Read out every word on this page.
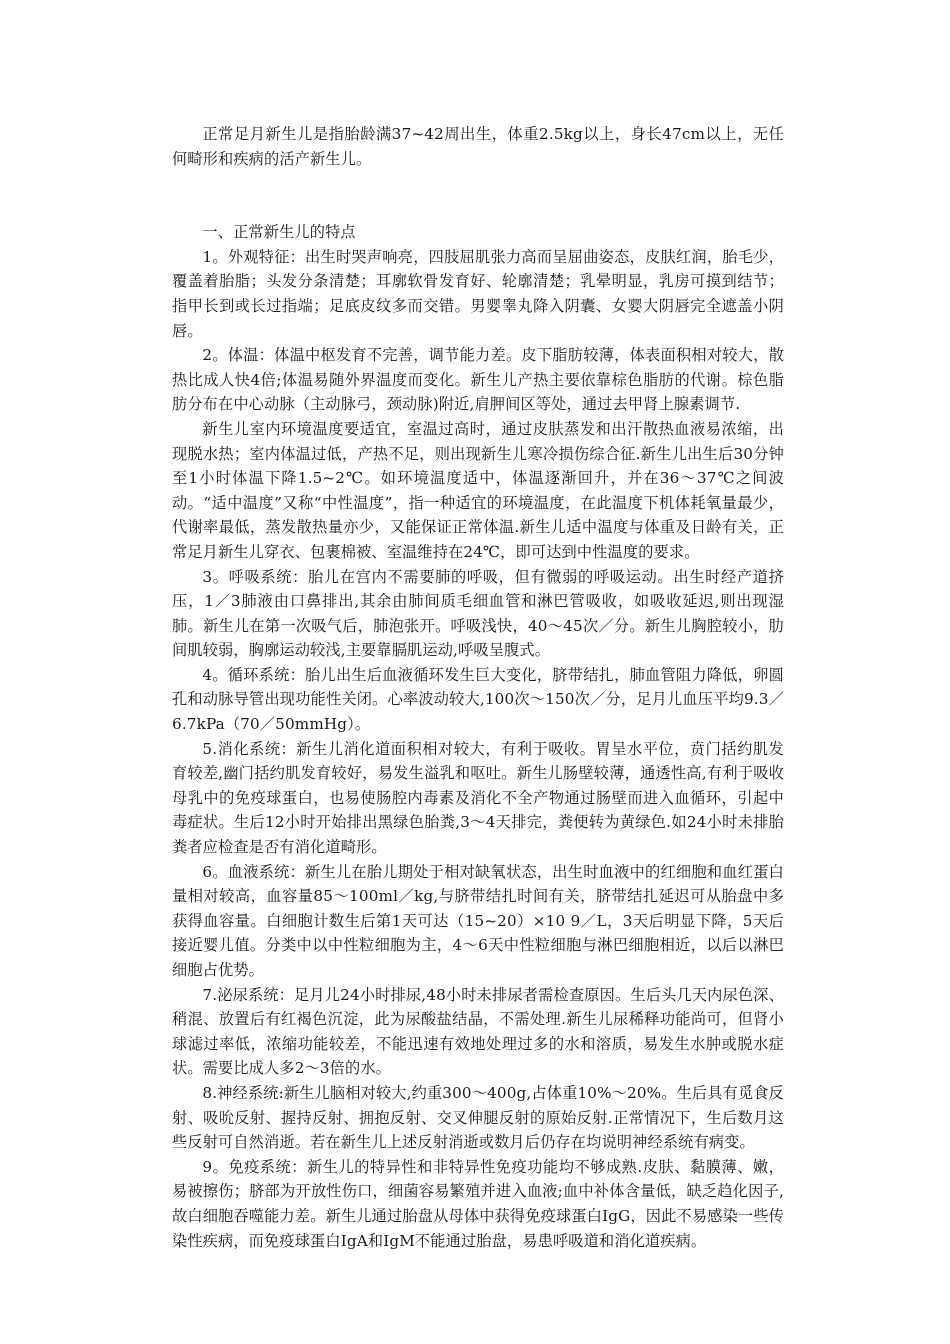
正常足月新生儿是指胎龄满37~42周出生，体重2.5kg以上，身长47cm以上，无任何畸形和疾病的活产新生儿。

一、正常新生儿的特点

1。外观特征：出生时哭声响亮，四肢屈肌张力高而呈屈曲姿态，皮肤红润，胎毛少，覆盖着胎脂；头发分条清楚；耳廓软骨发育好、轮廓清楚；乳晕明显，乳房可摸到结节；指甲长到或长过指端；足底皮纹多而交错。男婴睾丸降入阴囊、女婴大阴唇完全遮盖小阴唇。

2。体温：体温中枢发育不完善，调节能力差。皮下脂肪较薄，体表面积相对较大，散热比成人快4倍;体温易随外界温度而变化。新生儿产热主要依靠棕色脂肪的代谢。棕色脂肪分布在中心动脉（主动脉弓，颈动脉)附近,肩胛间区等处，通过去甲肾上腺素调节.

新生儿室内环境温度要适宜，室温过高时，通过皮肤蒸发和出汗散热血液易浓缩，出现脱水热；室内体温过低，产热不足，则出现新生儿寒冷损伤综合征.新生儿出生后30分钟至1小时体温下降1.5~2℃。如环境温度适中，体温逐渐回升，并在36～37℃之间波动。“适中温度”又称“中性温度”，指一种适宜的环境温度，在此温度下机体耗氧量最少，代谢率最低，蒸发散热量亦少，又能保证正常体温.新生儿适中温度与体重及日龄有关，正常足月新生儿穿衣、包裹棉被、室温维持在24℃，即可达到中性温度的要求。

3。呼吸系统：胎儿在宫内不需要肺的呼吸，但有微弱的呼吸运动。出生时经产道挤压，1／3肺液由口鼻排出,其余由肺间质毛细血管和淋巴管吸收，如吸收延迟,则出现湿肺。新生儿在第一次吸气后，肺泡张开。呼吸浅快，40～45次／分。新生儿胸腔较小，肋间肌较弱，胸廓运动较浅,主要靠膈肌运动,呼吸呈腹式。

4。循环系统：胎儿出生后血液循环发生巨大变化，脐带结扎，肺血管阻力降低，卵圆孔和动脉导管出现功能性关闭。心率波动较大,100次～150次／分，足月儿血压平均9.3／6.7kPa（70／50mmHg）。

5.消化系统：新生儿消化道面积相对较大，有利于吸收。胃呈水平位，贲门括约肌发育较差,幽门括约肌发育较好，易发生溢乳和呕吐。新生儿肠壁较薄，通透性高,有利于吸收母乳中的免疫球蛋白，也易使肠腔内毒素及消化不全产物通过肠壁而进入血循环，引起中毒症状。生后12小时开始排出黑绿色胎粪,3～4天排完，粪便转为黄绿色.如24小时未排胎粪者应检查是否有消化道畸形。

6。血液系统：新生儿在胎儿期处于相对缺氧状态，出生时血液中的红细胞和血红蛋白量相对较高，血容量85～100ml／kg,与脐带结扎时间有关，脐带结扎延迟可从胎盘中多获得血容量。白细胞计数生后第1天可达（15~20）×10 9／L，3天后明显下降，5天后接近婴儿值。分类中以中性粒细胞为主，4～6天中性粒细胞与淋巴细胞相近，以后以淋巴细胞占优势。

7.泌尿系统：足月儿24小时排尿,48小时未排尿者需检查原因。生后头几天内尿色深、稍混、放置后有红褐色沉淀，此为尿酸盐结晶，不需处理.新生儿尿稀释功能尚可，但肾小球滤过率低，浓缩功能较差，不能迅速有效地处理过多的水和溶质，易发生水肿或脱水症状。需要比成人多2～3倍的水。

8.神经系统:新生儿脑相对较大,约重300～400g,占体重10%～20%。生后具有觅食反射、吸吮反射、握持反射、拥抱反射、交叉伸腿反射的原始反射.正常情况下，生后数月这些反射可自然消逝。若在新生儿上述反射消逝或数月后仍存在均说明神经系统有病变。

9。免疫系统：新生儿的特异性和非特异性免疫功能均不够成熟.皮肤、黏膜薄、嫩，易被擦伤；脐部为开放性伤口，细菌容易繁殖并进入血液;血中补体含量低，缺乏趋化因子,故白细胞吞噬能力差。新生儿通过胎盘从母体中获得免疫球蛋白IgG，因此不易感染一些传染性疾病，而免疫球蛋白IgA和IgM不能通过胎盘，易患呼吸道和消化道疾病。
